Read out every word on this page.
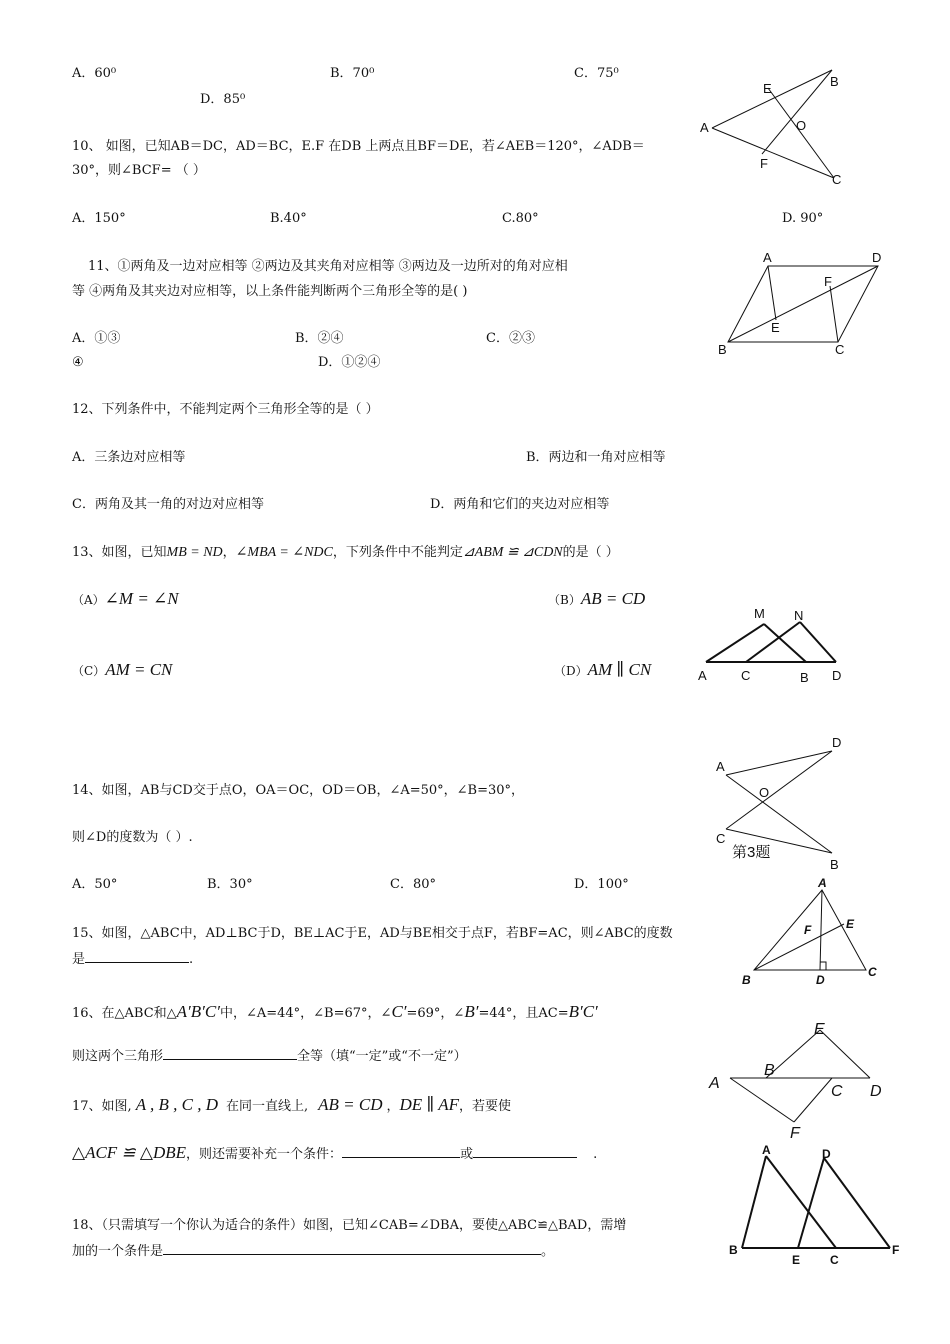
A．60⁰	B．70⁰	C．75⁰
D．85⁰
A
B
C
E
F
O
10、 如图，已知AB＝DC，AD＝BC，E.F 在DB 上两点且BF＝DE，若∠AEB＝120°，∠ADB＝
30°，则∠BCF= （ ）
A．150°	B.40°	C.80°	D. 90°
11、①两角及一边对应相等 ②两边及其夹角对应相等 ③两边及一边所对的角对应相
等 ④两角及其夹边对应相等，以上条件能判断两个三角形全等的是( )
A．①③	B．②④	C．②③
④	D．①②④
A	D
B	C
E
F
12、下列条件中，不能判定两个三角形全等的是（ ）
A．三条边对应相等	B．两边和一角对应相等
C．两角及其一角的对边对应相等	D．两角和它们的夹边对应相等
13、如图，已知MB = ND，∠MBA = ∠NDC，下列条件中不能判定⊿ABM ≌ ⊿CDN的是（ ）
（A）∠M = ∠N	（B）AB = CD
（C）AM = CN	（D）AM ∥ CN
M N
A	C	B D
14、如图，AB与CD交于点O，OA＝OC，OD＝OB，∠A=50°，∠B=30°，
则∠D的度数为（ ）.
A．50°	B．30°	C．80°	D．100°
A
D
C
B
O
第3题
15、如图，△ABC中，AD⊥BC于D，BE⊥AC于E，AD与BE相交于点F，若BF=AC，则∠ABC的度数
是	.
A
B
C
D
E
F
16、在△ABC和△A′B′C′中，∠A=44°，∠B=67°，∠C′=69°，∠B′=44°，且AC=B′C′
则这两个三角形	全等（填“一定”或“不一定”）
A
B
C D
E
F
17、如图, A , B , C , D 在同一直线上, AB = CD ，DE ∥ AF，若要使
△ACF ≌ △DBE，则还需要补充一个条件：	或	.
18、（只需填写一个你认为适合的条件）如图，已知∠CAB=∠DBA，要使△ABC≌△BAD，需增
加的一个条件是	。
A	D
B
E C
F
